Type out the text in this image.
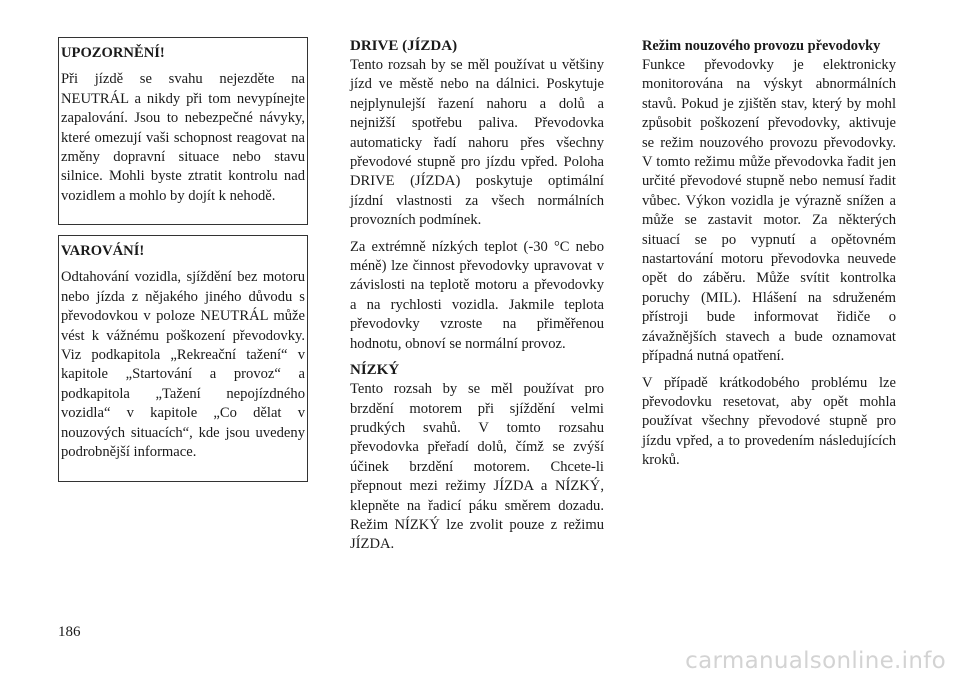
UPOZORNĚNÍ!

Při jízdě se svahu nejezděte na NEUTRÁL a nikdy při tom nevypínejte zapalování. Jsou to nebezpečné návyky, které omezují vaši schopnost reagovat na změny dopravní situace nebo stavu silnice. Mohli byste ztratit kontrolu nad vozidlem a mohlo by dojít k nehodě.

VAROVÁNÍ!

Odtahování vozidla, sjíždění bez motoru nebo jízda z nějakého jiného důvodu s převodovkou v poloze NEUTRÁL může vést k vážnému poškození převodovky. Viz podkapitola „Rekreační tažení“ v kapitole „Startování a provoz“ a podkapitola „Tažení nepojízdného vozidla“ v kapitole „Co dělat v nouzových situacích“, kde jsou uvedeny podrobnější informace.

DRIVE (JÍZDA)

Tento rozsah by se měl používat u většiny jízd ve městě nebo na dálnici. Poskytuje nejplynulejší řazení nahoru a dolů a nejnižší spotřebu paliva. Převodovka automaticky řadí nahoru přes všechny převodové stupně pro jízdu vpřed. Poloha DRIVE (JÍZDA) poskytuje optimální jízdní vlastnosti za všech normálních provozních podmínek.

Za extrémně nízkých teplot (-30 °C nebo méně) lze činnost převodovky upravovat v závislosti na teplotě motoru a převodovky a na rychlosti vozidla. Jakmile teplota převodovky vzroste na přiměřenou hodnotu, obnoví se normální provoz.

NÍZKÝ

Tento rozsah by se měl používat pro brzdění motorem při sjíždění velmi prudkých svahů. V tomto rozsahu převodovka přeřadí dolů, čímž se zvýší účinek brzdění motorem. Chcete-li přepnout mezi režimy JÍZDA a NÍZKÝ, klepněte na řadicí páku směrem dozadu. Režim NÍZKÝ lze zvolit pouze z režimu JÍZDA.

Režim nouzového provozu převodovky

Funkce převodovky je elektronicky monitorována na výskyt abnormálních stavů. Pokud je zjištěn stav, který by mohl způsobit poškození převodovky, aktivuje se režim nouzového provozu převodovky. V tomto režimu může převodovka řadit jen určité převodové stupně nebo nemusí řadit vůbec. Výkon vozidla je výrazně snížen a může se zastavit motor. Za některých situací se po vypnutí a opětovném nastartování motoru převodovka neuvede opět do záběru. Může svítit kontrolka poruchy (MIL). Hlášení na sdruženém přístroji bude informovat řidiče o závažnějších stavech a bude oznamovat případná nutná opatření.

V případě krátkodobého problému lze převodovku resetovat, aby opět mohla používat všechny převodové stupně pro jízdu vpřed, a to provedením následujících kroků.

186
carmanualsonline.info
